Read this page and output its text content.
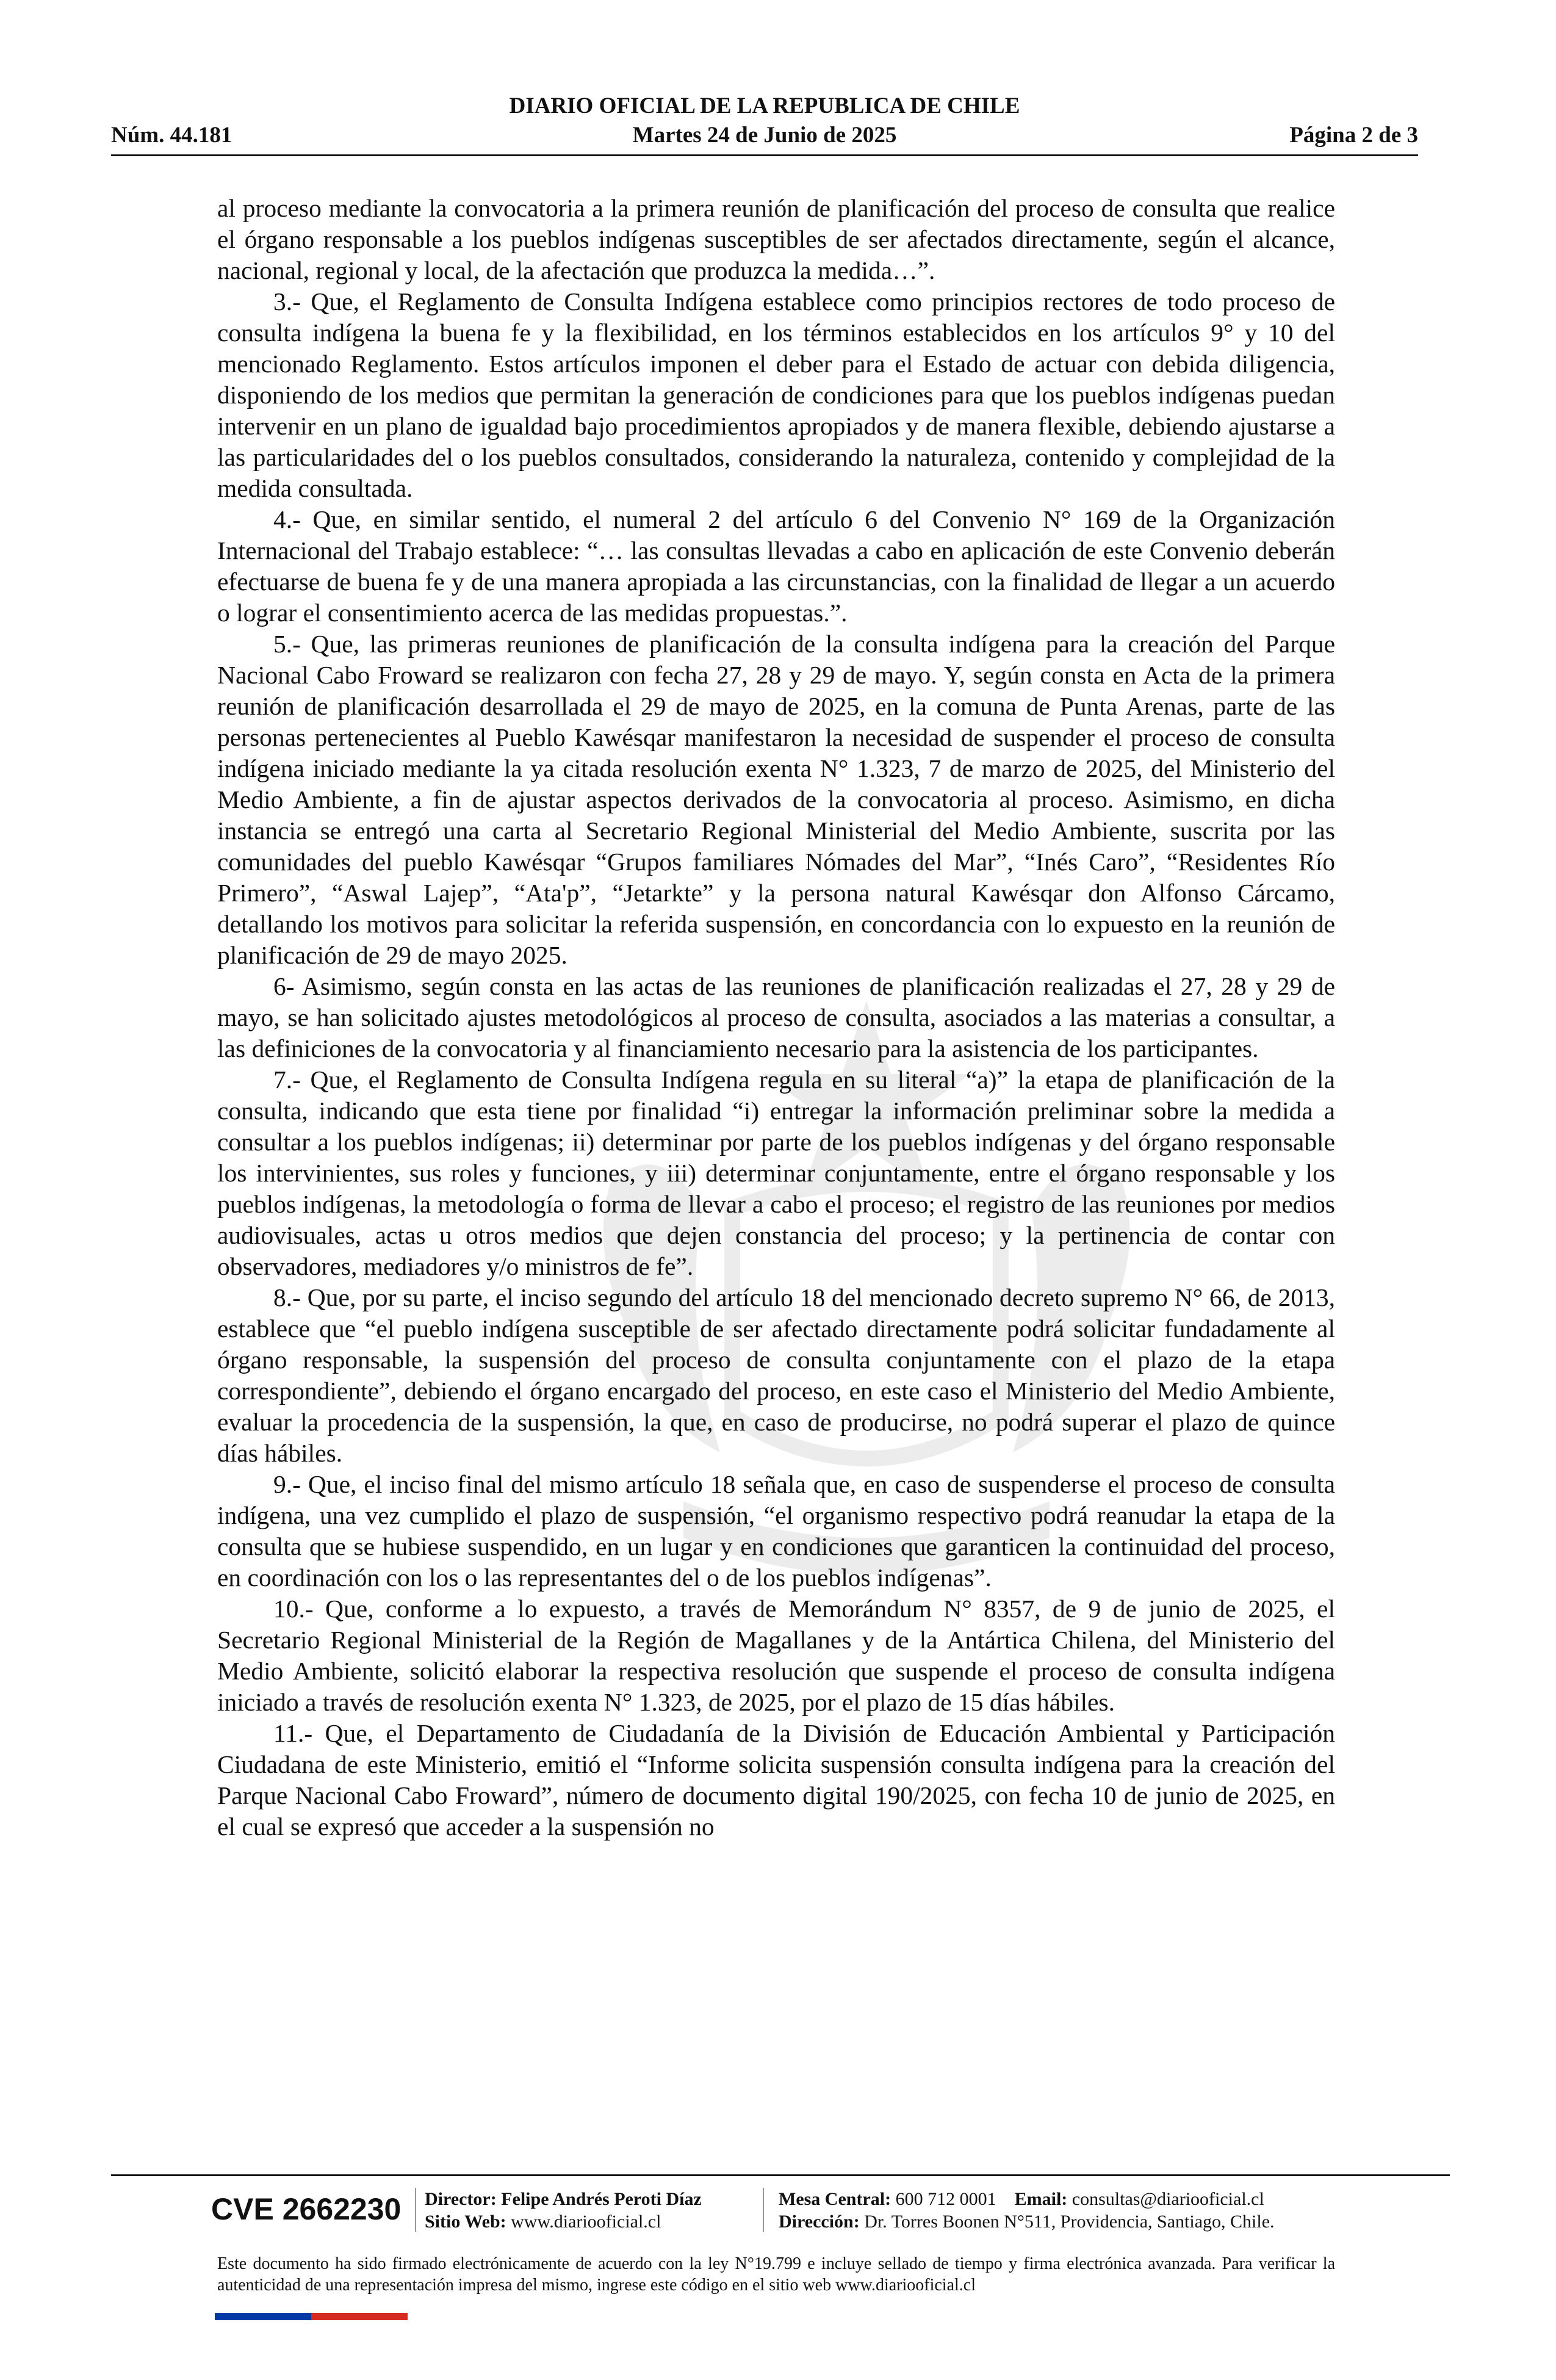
DIARIO OFICIAL DE LA REPUBLICA DE CHILE
Núm. 44.181	Martes 24 de Junio de 2025	Página 2 de 3

al proceso mediante la convocatoria a la primera reunión de planificación del proceso de consulta que realice el órgano responsable a los pueblos indígenas susceptibles de ser afectados directamente, según el alcance, nacional, regional y local, de la afectación que produzca la medida…”.

3.- Que, el Reglamento de Consulta Indígena establece como principios rectores de todo proceso de consulta indígena la buena fe y la flexibilidad, en los términos establecidos en los artículos 9° y 10 del mencionado Reglamento. Estos artículos imponen el deber para el Estado de actuar con debida diligencia, disponiendo de los medios que permitan la generación de condiciones para que los pueblos indígenas puedan intervenir en un plano de igualdad bajo procedimientos apropiados y de manera flexible, debiendo ajustarse a las particularidades del o los pueblos consultados, considerando la naturaleza, contenido y complejidad de la medida consultada.

4.- Que, en similar sentido, el numeral 2 del artículo 6 del Convenio N° 169 de la Organización Internacional del Trabajo establece: “… las consultas llevadas a cabo en aplicación de este Convenio deberán efectuarse de buena fe y de una manera apropiada a las circunstancias, con la finalidad de llegar a un acuerdo o lograr el consentimiento acerca de las medidas propuestas.”.

5.- Que, las primeras reuniones de planificación de la consulta indígena para la creación del Parque Nacional Cabo Froward se realizaron con fecha 27, 28 y 29 de mayo. Y, según consta en Acta de la primera reunión de planificación desarrollada el 29 de mayo de 2025, en la comuna de Punta Arenas, parte de las personas pertenecientes al Pueblo Kawésqar manifestaron la necesidad de suspender el proceso de consulta indígena iniciado mediante la ya citada resolución exenta N° 1.323, 7 de marzo de 2025, del Ministerio del Medio Ambiente, a fin de ajustar aspectos derivados de la convocatoria al proceso. Asimismo, en dicha instancia se entregó una carta al Secretario Regional Ministerial del Medio Ambiente, suscrita por las comunidades del pueblo Kawésqar “Grupos familiares Nómades del Mar”, “Inés Caro”, “Residentes Río Primero”, “Aswal Lajep”, “Ata'p”, “Jetarkte” y la persona natural Kawésqar don Alfonso Cárcamo, detallando los motivos para solicitar la referida suspensión, en concordancia con lo expuesto en la reunión de planificación de 29 de mayo 2025.

6- Asimismo, según consta en las actas de las reuniones de planificación realizadas el 27, 28 y 29 de mayo, se han solicitado ajustes metodológicos al proceso de consulta, asociados a las materias a consultar, a las definiciones de la convocatoria y al financiamiento necesario para la asistencia de los participantes.

7.- Que, el Reglamento de Consulta Indígena regula en su literal “a)” la etapa de planificación de la consulta, indicando que esta tiene por finalidad “i) entregar la información preliminar sobre la medida a consultar a los pueblos indígenas; ii) determinar por parte de los pueblos indígenas y del órgano responsable los intervinientes, sus roles y funciones, y iii) determinar conjuntamente, entre el órgano responsable y los pueblos indígenas, la metodología o forma de llevar a cabo el proceso; el registro de las reuniones por medios audiovisuales, actas u otros medios que dejen constancia del proceso; y la pertinencia de contar con observadores, mediadores y/o ministros de fe”.

8.- Que, por su parte, el inciso segundo del artículo 18 del mencionado decreto supremo N° 66, de 2013, establece que “el pueblo indígena susceptible de ser afectado directamente podrá solicitar fundadamente al órgano responsable, la suspensión del proceso de consulta conjuntamente con el plazo de la etapa correspondiente”, debiendo el órgano encargado del proceso, en este caso el Ministerio del Medio Ambiente, evaluar la procedencia de la suspensión, la que, en caso de producirse, no podrá superar el plazo de quince días hábiles.

9.- Que, el inciso final del mismo artículo 18 señala que, en caso de suspenderse el proceso de consulta indígena, una vez cumplido el plazo de suspensión, “el organismo respectivo podrá reanudar la etapa de la consulta que se hubiese suspendido, en un lugar y en condiciones que garanticen la continuidad del proceso, en coordinación con los o las representantes del o de los pueblos indígenas”.

10.- Que, conforme a lo expuesto, a través de Memorándum N° 8357, de 9 de junio de 2025, el Secretario Regional Ministerial de la Región de Magallanes y de la Antártica Chilena, del Ministerio del Medio Ambiente, solicitó elaborar la respectiva resolución que suspende el proceso de consulta indígena iniciado a través de resolución exenta N° 1.323, de 2025, por el plazo de 15 días hábiles.

11.- Que, el Departamento de Ciudadanía de la División de Educación Ambiental y Participación Ciudadana de este Ministerio, emitió el “Informe solicita suspensión consulta indígena para la creación del Parque Nacional Cabo Froward”, número de documento digital 190/2025, con fecha 10 de junio de 2025, en el cual se expresó que acceder a la suspensión no

CVE 2662230 Director: Felipe Andrés Peroti Díaz
Sitio Web: www.diariooficial.cl
Mesa Central: 600 712 0001 Email: consultas@diariooficial.cl
Dirección: Dr. Torres Boonen N°511, Providencia, Santiago, Chile.
Este documento ha sido firmado electrónicamente de acuerdo con la ley N°19.799 e incluye sellado de tiempo y firma electrónica avanzada. Para verificar la autenticidad de una representación impresa del mismo, ingrese este código en el sitio web www.diariooficial.cl
